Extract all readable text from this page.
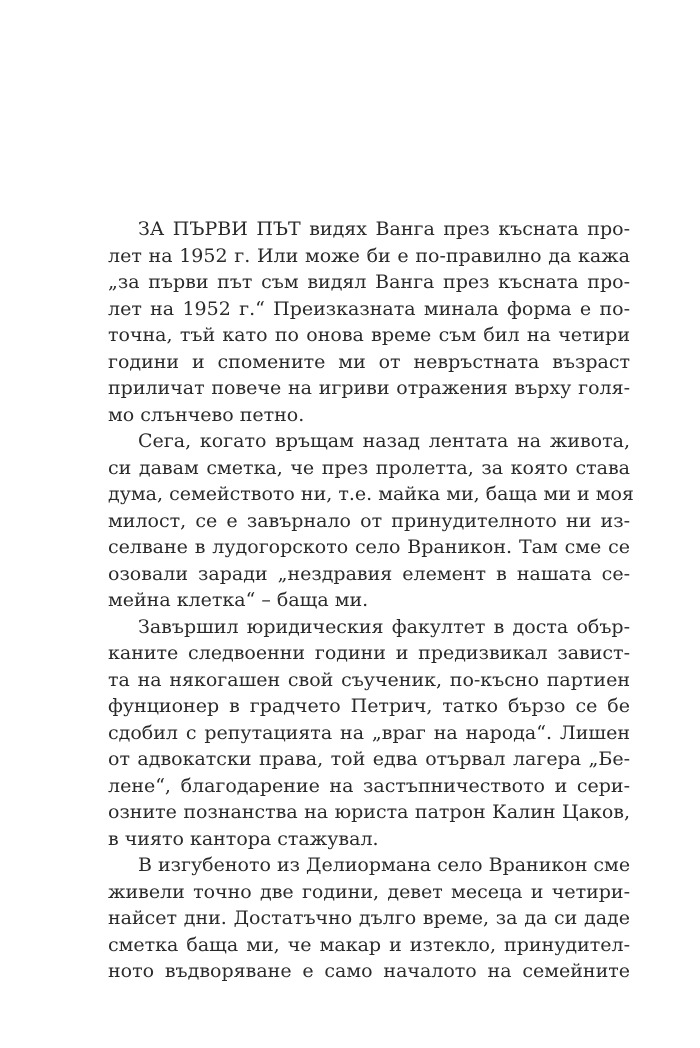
ЗА ПЪРВИ ПЪТ видях Ванга през късната про-
лет на 1952 г. Или може би е по-правилно да кажа
„за първи път съм видял Ванга през късната про-
лет на 1952 г.“ Преизказната минала форма е по-
точна, тъй като по онова време съм бил на четири
години и спомените ми от невръстната възраст
приличат повече на игриви отражения върху голя-
мо слънчево петно.
Сега, когато връщам назад лентата на живота,
си давам сметка, че през пролетта, за която става
дума, семейството ни, т.е. майка ми, баща ми и моя
милост, се е завърнало от принудителното ни из-
селване в лудогорското село Враникон. Там сме се
озовали заради „нездравия елемент в нашата се-
мейна клетка“ – баща ми.
Завършил юридическия факултет в доста обър-
каните следвоенни години и предизвикал завист-
та на някогашен свой съученик, по-късно партиен
фунционер в градчето Петрич, татко бързо се бе
сдобил с репутацията на „враг на народа“. Лишен
от адвокатски права, той едва отървал лагера „Бе-
лене“, благодарение на застъпничеството и сери-
озните познанства на юриста патрон Калин Цаков,
в чиято кантора стажувал.
В изгубеното из Делиормана село Враникон сме
живели точно две години, девет месеца и четири-
найсет дни. Достатъчно дълго време, за да си даде
сметка баща ми, че макар и изтекло, принудител-
ното въдворяване е само началото на семейните
